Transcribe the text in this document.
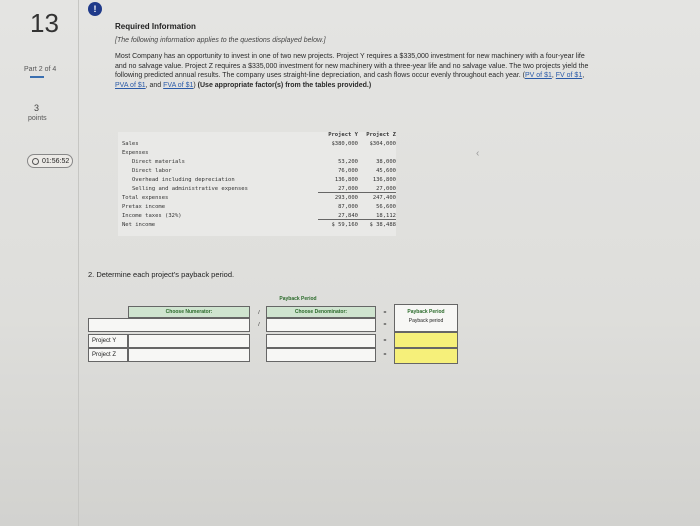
!
13
Part 2 of 4
3
points
01:56:52
Required Information
[The following information applies to the questions displayed below.]
Most Company has an opportunity to invest in one of two new projects. Project Y requires a $335,000 investment for new machinery with a four-year life and no salvage value. Project Z requires a $335,000 investment for new machinery with a three-year life and no salvage value. The two projects yield the following predicted annual results. The company uses straight-line depreciation, and cash flows occur evenly throughout each year. (PV of $1, FV of $1, PVA of $1, and FVA of $1) (Use appropriate factor(s) from the tables provided.)
Project Y	Project Z
Sales	$380,000	$304,000
Expenses
Direct materials	53,200	38,000
Direct labor	76,000	45,600
Overhead including depreciation	136,800	136,800
Selling and administrative expenses	27,000	27,000
Total expenses	293,000	247,400
Pretax income	87,000	56,600
Income taxes (32%)	27,840	18,112
Net income	$ 59,160	$ 38,488
‹
2. Determine each project's payback period.
Payback Period
Choose Numerator:	/	Choose Denominator:	=	Payback Period
Payback period
/	=
Project Y	=
Project Z	=
